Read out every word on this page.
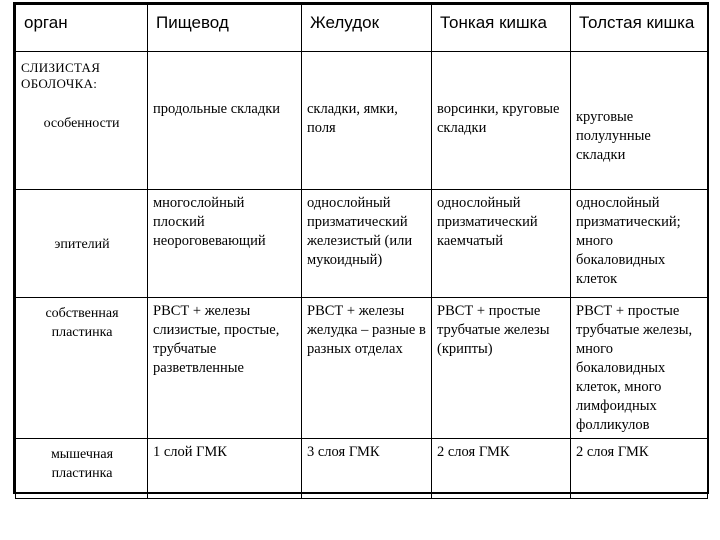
орган	Пищевод	Желудок	Тонкая кишка	Толстая кишка

СЛИЗИСТАЯ ОБОЛОЧКА:
особенности	продольные складки	складки, ямки, поля	ворсинки, круговые складки	круговые полулунные складки
эпителий	многослойный плоский неороговевающий	однослойный призматический железистый (или мукоидный)	однослойный призматический каемчатый	однослойный призматический; много бокаловидных клеток
собственная пластинка	РВСТ + железы слизистые, простые, трубчатые разветвленные	РВСТ + железы желудка – разные в разных отделах	РВСТ + простые трубчатые железы (крипты)	РВСТ + простые трубчатые железы, много бокаловидных клеток, много лимфоидных фолликулов
мышечная пластинка	1 слой ГМК	3 слоя ГМК	2 слоя ГМК	2 слоя ГМК
